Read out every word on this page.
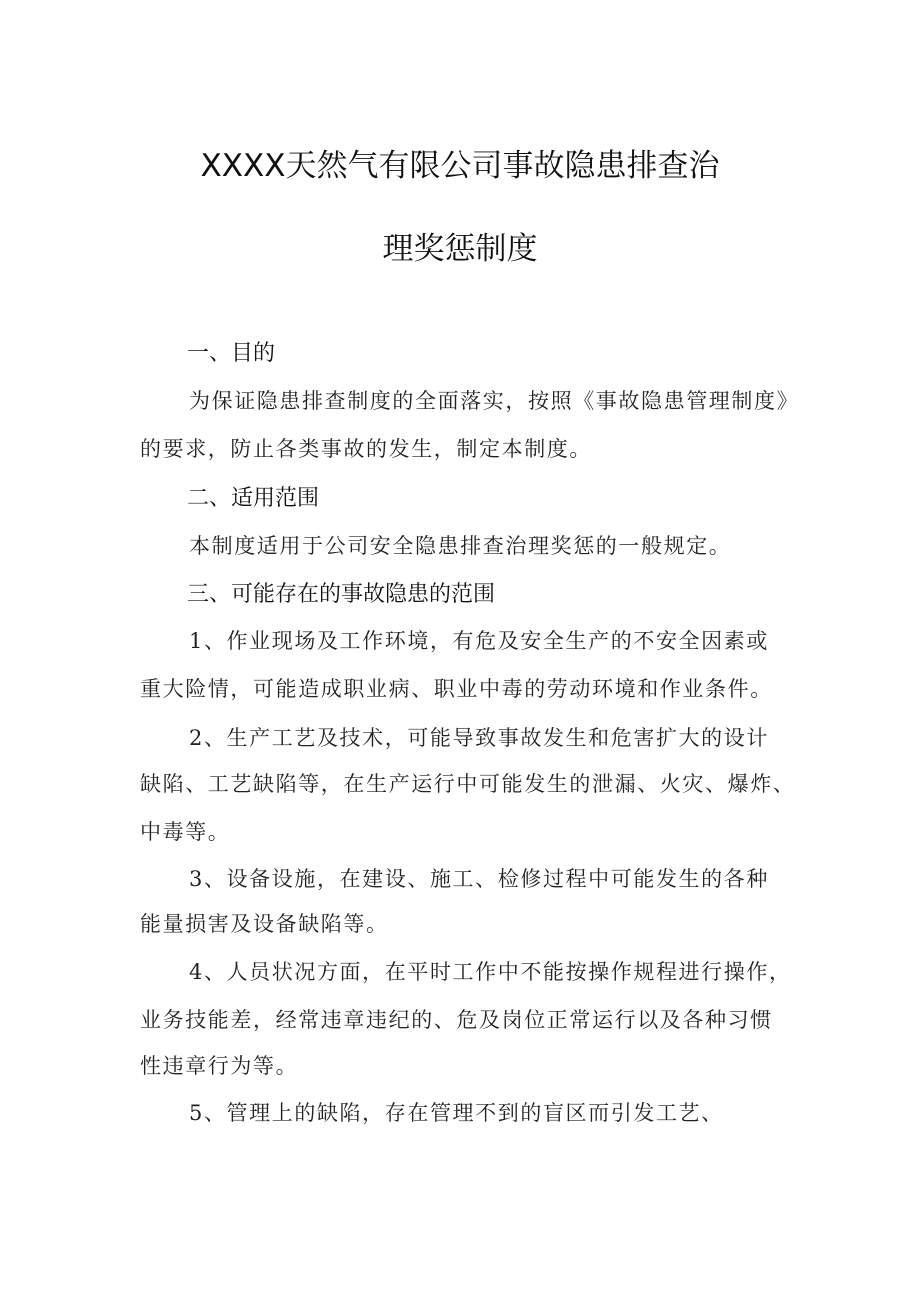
XXXX天然气有限公司事故隐患排查治
理奖惩制度
一、目的
为保证隐患排查制度的全面落实，按照《事故隐患管理制度》
的要求，防止各类事故的发生，制定本制度。
二、适用范围
本制度适用于公司安全隐患排查治理奖惩的一般规定。
三、可能存在的事故隐患的范围
1、作业现场及工作环境，有危及安全生产的不安全因素或
重大险情，可能造成职业病、职业中毒的劳动环境和作业条件。
2、生产工艺及技术，可能导致事故发生和危害扩大的设计
缺陷、工艺缺陷等，在生产运行中可能发生的泄漏、火灾、爆炸、
中毒等。
3、设备设施，在建设、施工、检修过程中可能发生的各种
能量损害及设备缺陷等。
4、人员状况方面，在平时工作中不能按操作规程进行操作，
业务技能差，经常违章违纪的、危及岗位正常运行以及各种习惯
性违章行为等。
5、管理上的缺陷，存在管理不到的盲区而引发工艺、
